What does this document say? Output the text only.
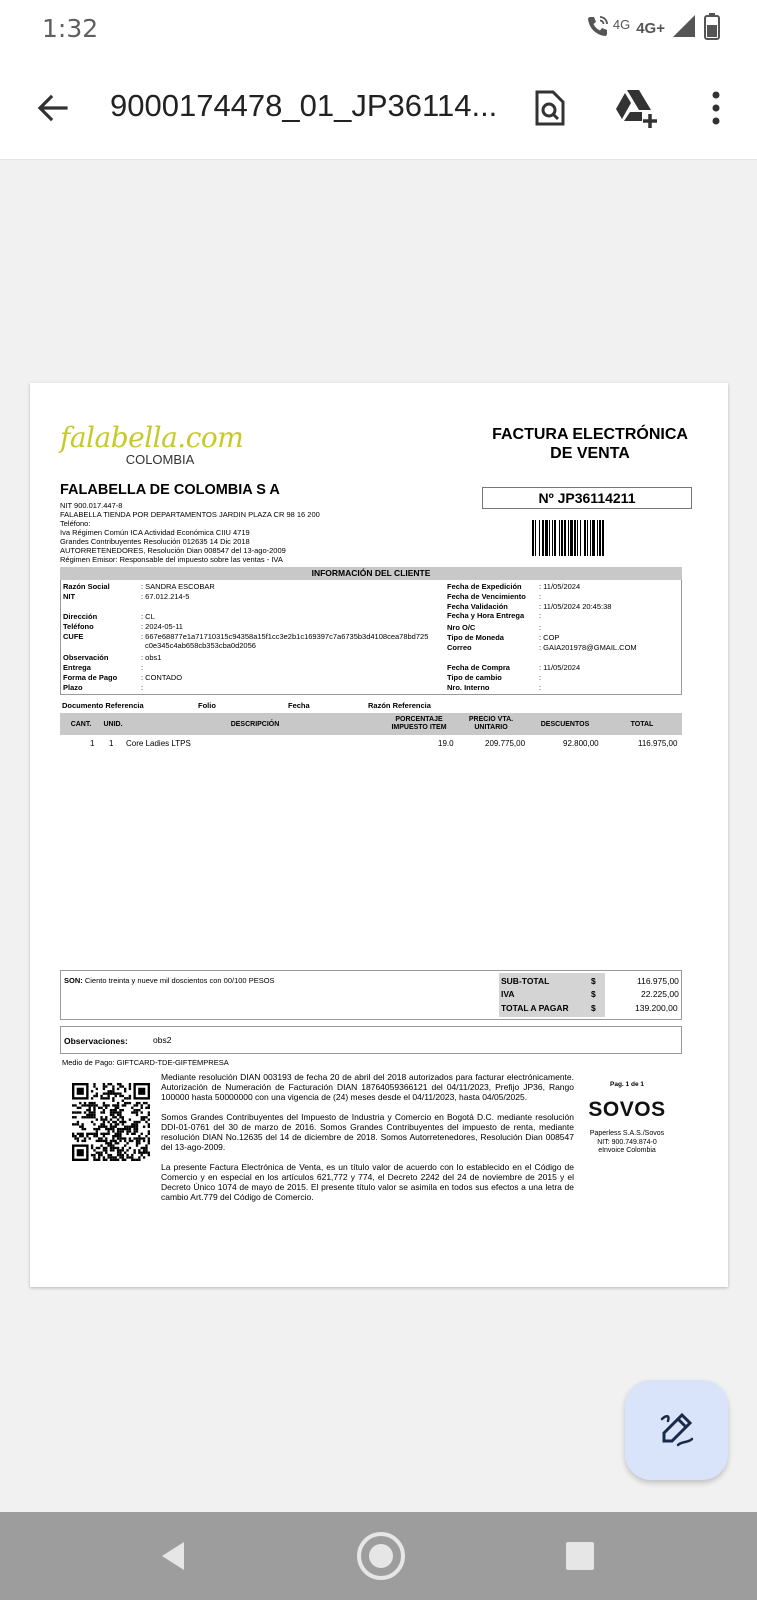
1:32	4G 4G+
9000174478_01_JP36114...
falabella.com
COLOMBIA
FACTURA ELECTRÓNICA
DE VENTA
Nº JP36114211
FALABELLA DE COLOMBIA S A
NIT 900.017.447-8
FALABELLA TIENDA POR DEPARTAMENTOS JARDIN PLAZA CR 98 16 200
Teléfono:
Iva Régimen Común ICA Actividad Económica CIIU 4719
Grandes Contribuyentes Resolución 012635 14 Dic 2018
AUTORRETENEDORES, Resolución Dian 008547 del 13-ago-2009
Régimen Emisor: Responsable del impuesto sobre las ventas - IVA
INFORMACIÓN DEL CLIENTE
Razón Social	: SANDRA ESCOBAR
NIT	: 67.012.214-5
Dirección	: CL
Teléfono	: 2024-05-11
CUFE	: 667e68877e1a71710315c94358a15f1cc3e2b1c169397c7a6735b3d4108cea78bd725
c0e345c4ab658cb353cba0d2056
Observación	: obs1
Entrega	:
Forma de Pago	: CONTADO
Plazo	:
Fecha de Expedición : 11/05/2024
Fecha de Vencimiento :
Fecha Validación	: 11/05/2024 20:45:38
Fecha y Hora Entrega :
Nro O/C	:
Tipo de Moneda	: COP
Correo	: GAIA201978@GMAIL.COM
Fecha de Compra	: 11/05/2024
Tipo de cambio	:
Nro. Interno	:
Documento Referencia	Folio	Fecha	Razón Referencia
CANT.	UNID.	DESCRIPCIÓN
PORCENTAJE
IMPUESTO ITEM
PRECIO VTA.
UNITARIO	DESCUENTOS	TOTAL
1 1 Core Ladies LTPS	19.0	209.775,00	92.800,00	116.975,00
SON: Ciento treinta y nueve mil doscientos con 00/100 PESOS	SUB-TOTAL	$	116.975,00
IVA	$	22.225,00
TOTAL A PAGAR	$	139.200,00
Observaciones:	obs2
Medio de Pago: GIFTCARD-TDE-GIFTEMPRESA

Mediante resolución DIAN 003193 de fecha 20 de abril del 2018 autorizados para facturar electrónicamente. Autorización de Numeración de Facturación DIAN 18764059366121 del 04/11/2023, Prefijo JP36, Rango 100000 hasta 50000000 con una vigencia de (24) meses desde el 04/11/2023, hasta 04/05/2025.

Somos Grandes Contribuyentes del Impuesto de Industria y Comercio en Bogotá D.C. mediante resolución DDI-01-0761 del 30 de marzo de 2016. Somos Grandes Contribuyentes del impuesto de renta, mediante resolución DIAN No.12635 del 14 de diciembre de 2018. Somos Autorretenedores, Resolución Dian 008547 del 13-ago-2009.

La presente Factura Electrónica de Venta, es un título valor de acuerdo con lo establecido en el Código de Comercio y en especial en los artículos 621,772 y 774, el Decreto 2242 del 24 de noviembre de 2015 y el Decreto Único 1074 de mayo de 2015. El presente título valor se asimila en todos sus efectos a una letra de cambio Art.779 del Código de Comercio.

Pag. 1 de 1
SOVOS
Paperless S.A.S./Sovos
NIT: 900.749.874-0
eInvoice Colombia
